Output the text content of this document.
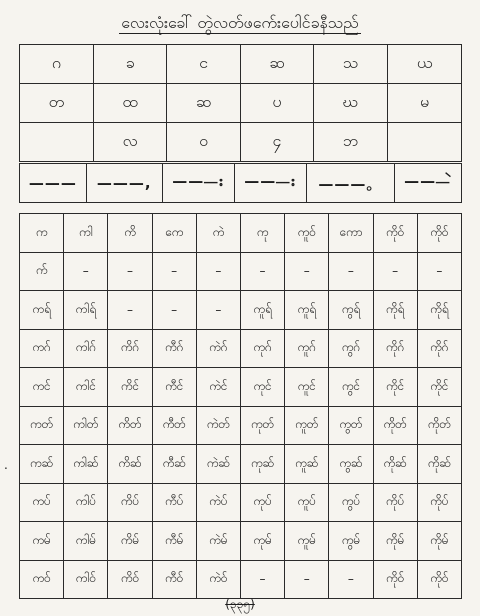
လေးလုံးခေါ် တွဲလတ်ဖက်ေးပေါင်ခနီသည်
ဂ	ခ	င	ဆ	သ	ယ
တ	ထ	ဆ	ပ	ဃ	မ
	လ	ဝ	၄	ဘ	
———	———,	———း	———း	———。	———ဲ
က	ကါ	ကိ	ကေ	ကဲ	ကု	ကူဝ်	ကော	ကိုဝ်	ကိုဝ်
က်	–	–	–	–	–	–	–	–	–
ကရ်	ကါရ်	–	–	–	ကူရ်	ကူရ်	ကွရ်	ကိုရ်	ကိုရ်
ကဂ်	ကါဂ်	ကိဂ်	ကီဂ်	ကဲဂ်	ကုဂ်	ကူဂ်	ကွဂ်	ကိုဂ်	ကိုဂ်
ကင်	ကါင်	ကိင်	ကီင်	ကဲင်	ကုင်	ကူင်	ကွင်	ကိုင်	ကိုင်
ကတ်	ကါတ်	ကိတ်	ကီတ်	ကဲတ်	ကုတ်	ကူတ်	ကွတ်	ကိုတ်	ကိုတ်
ကဆ်	ကါဆ်	ကိဆ်	ကီဆ်	ကဲဆ်	ကုဆ်	ကူဆ်	ကွဆ်	ကိုဆ်	ကိုဆ်
ကပ်	ကါပ်	ကိပ်	ကီပ်	ကဲပ်	ကုပ်	ကူပ်	ကွပ်	ကိုပ်	ကိုပ်
ကမ်	ကါမ်	ကိမ်	ကီမ်	ကဲမ်	ကုမ်	ကူမ်	ကွမ်	ကိုမ်	ကိုမ်
ကဝ်	ကါဝ်	ကိဝ်	ကီဝ်	ကဲဝ်	–	–	–	ကိုဝ်	ကိုဝ်
.
(၃၃၅)
